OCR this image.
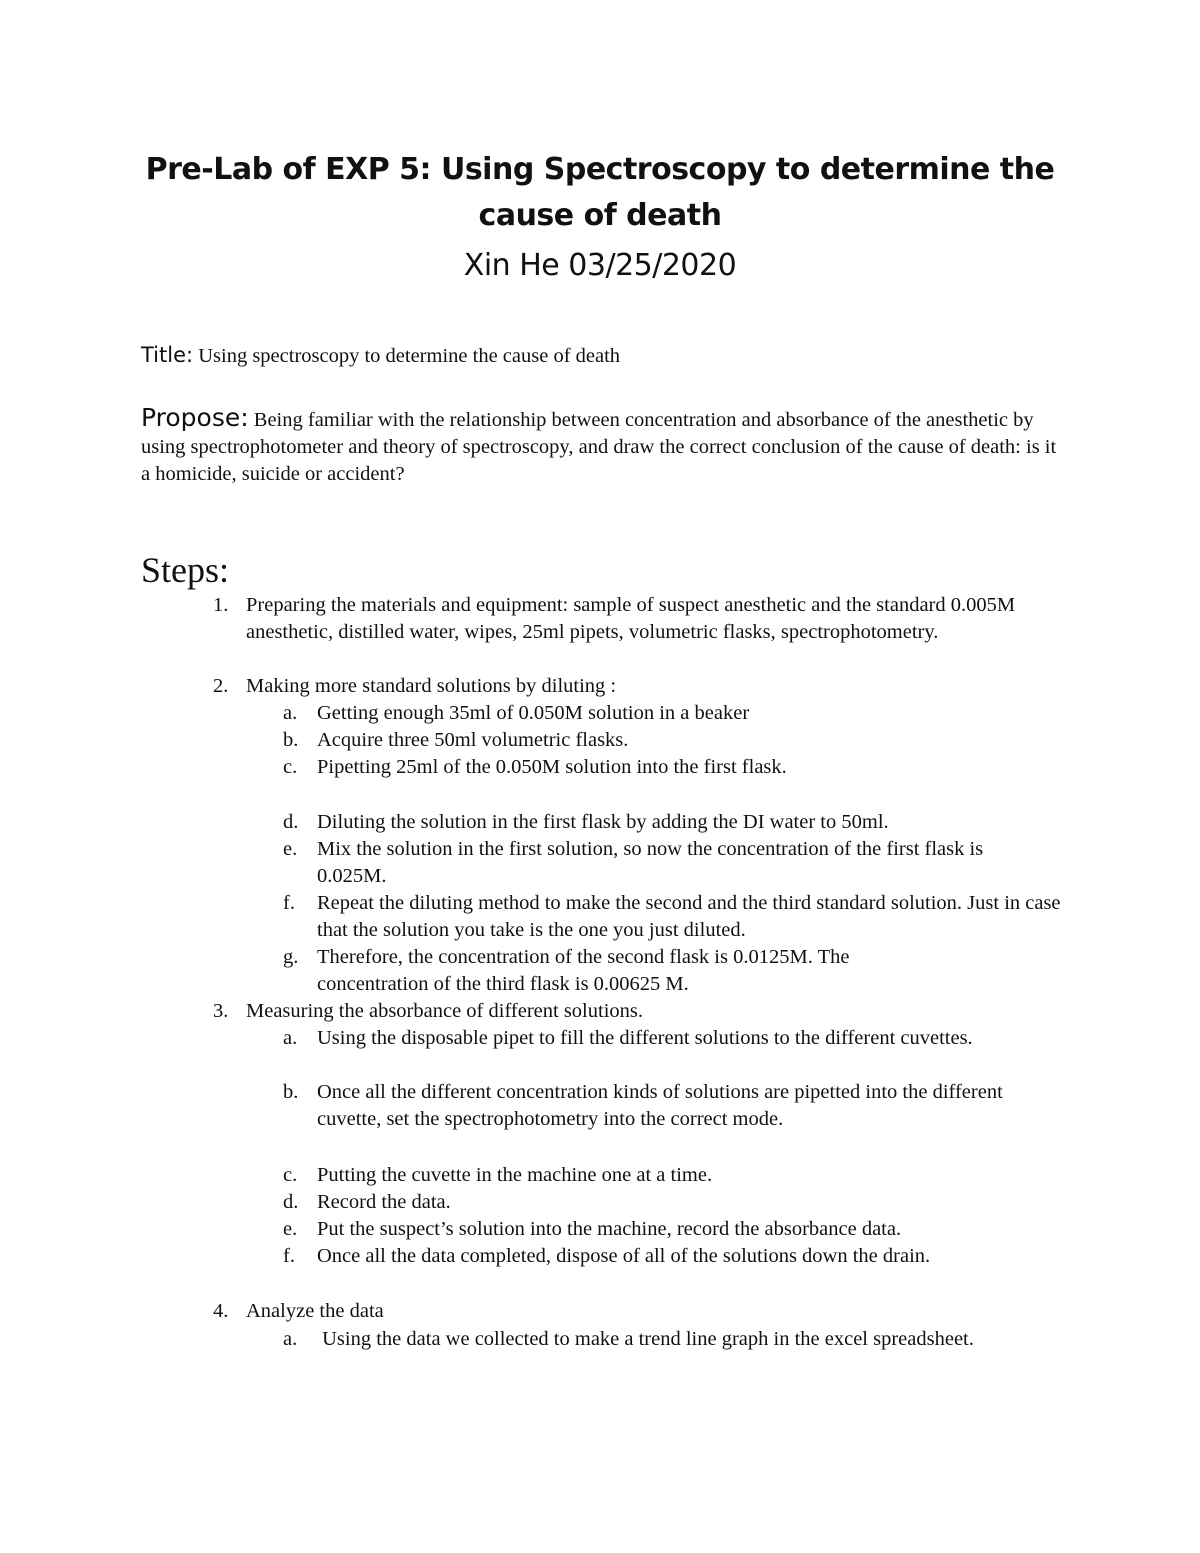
Pre-Lab of EXP 5: Using Spectroscopy to determine the
cause of death
Xin He 03/25/2020

Title: Using spectroscopy to determine the cause of death

Propose: Being familiar with the relationship between concentration and absorbance of the anesthetic by using spectrophotometer and theory of spectroscopy, and draw the correct conclusion of the cause of death: is it a homicide, suicide or accident?

Steps:
1. Preparing the materials and equipment: sample of suspect anesthetic and the standard 0.005M anesthetic, distilled water, wipes, 25ml pipets, volumetric flasks, spectrophotometry.

2. Making more standard solutions by diluting :

a. Getting enough 35ml of 0.050M solution in a beaker

b. Acquire three 50ml volumetric flasks.

c. Pipetting 25ml of the 0.050M solution into the first flask.

d. Diluting the solution in the first flask by adding the DI water to 50ml.

e. Mix the solution in the first solution, so now the concentration of the first flask is 0.025M.

f. Repeat the diluting method to make the second and the third standard solution. Just in case that the solution you take is the one you just diluted.

g. Therefore, the concentration of the second flask is 0.0125M. The concentration of the third flask is 0.00625 M.

3. Measuring the absorbance of different solutions.

a. Using the disposable pipet to fill the different solutions to the different cuvettes.

b. Once all the different concentration kinds of solutions are pipetted into the different cuvette, set the spectrophotometry into the correct mode.

c. Putting the cuvette in the machine one at a time.

d. Record the data.

e. Put the suspect’s solution into the machine, record the absorbance data.

f. Once all the data completed, dispose of all of the solutions down the drain.

4. Analyze the data

a. Using the data we collected to make a trend line graph in the excel spreadsheet.
